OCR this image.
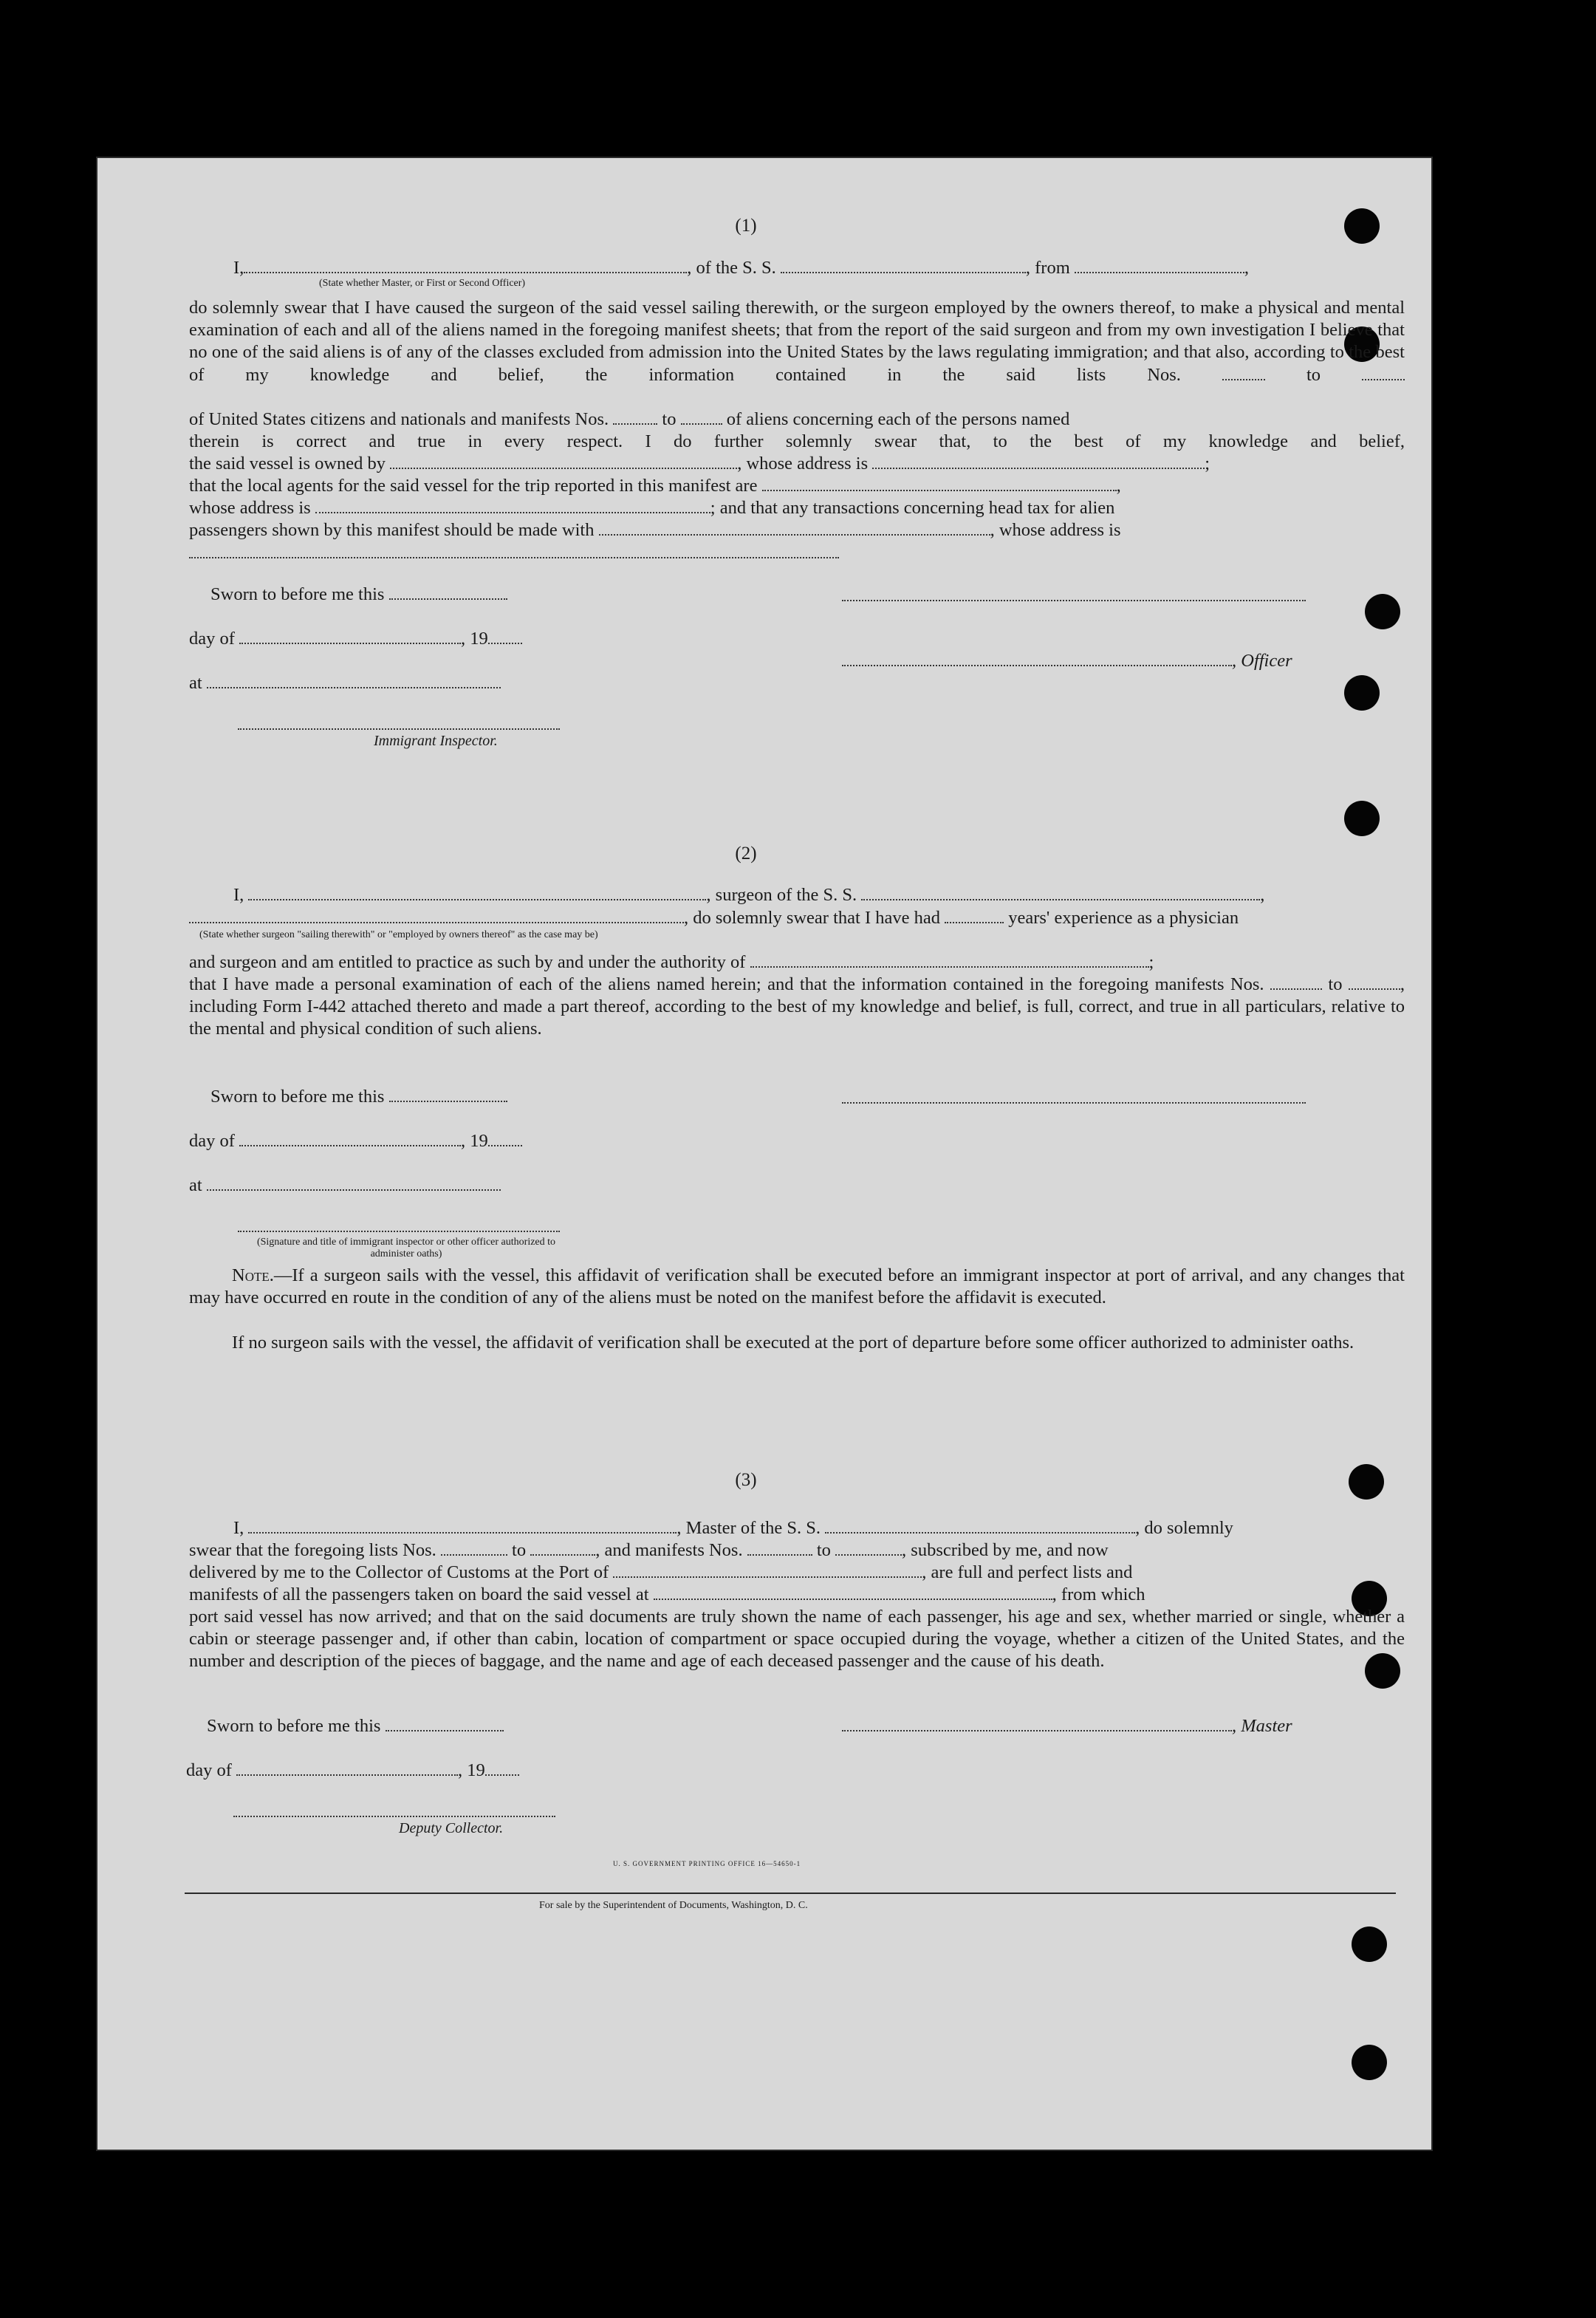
(1)
I,	, of the S. S.	, from	,
(State whether Master, or First or Second Officer)
do solemnly swear that I have caused the surgeon of the said vessel sailing therewith, or the surgeon employed by the owners thereof, to make a physical and mental examination of each and all of the aliens named in the foregoing manifest sheets; that from the report of the said surgeon and from my own investigation I believe that no one of the said aliens is of any of the classes excluded from admission into the United States by the laws regulating immigration; and that also, according to the best of my knowledge and belief, the information contained in the said lists Nos.	to
of United States citizens and nationals and manifests Nos.	to	of aliens concerning each of the persons named
therein is correct and true in every respect. I do further solemnly swear that, to the best of my knowledge and belief,
the said vessel is owned by	, whose address is	;
that the local agents for the said vessel for the trip reported in this manifest are	,
whose address is	; and that any transactions concerning head tax for alien
passengers shown by this manifest should be made with	, whose address is
Sworn to before me this
day of	, 19
, Officer
at
Immigrant Inspector.
(2)
I,	, surgeon of the S. S.	,
, do solemnly swear that I have had

	years' experience as a physician
(State whether surgeon "sailing therewith" or "employed by owners thereof" as the case may be)
and surgeon and am entitled to practice as such by and under the authority of	;
that I have made a personal examination of each of the aliens named herein; and that the information contained in the foregoing manifests Nos.	to	, including Form I-442 attached thereto and made a part thereof, according to the best of my knowledge and belief, is full, correct, and true in all particulars, relative to the mental and physical condition of such aliens.
Sworn to before me this
day of	, 19
at
(Signature and title of immigrant inspector or other officer authorized to administer oaths)
Note.—If a surgeon sails with the vessel, this affidavit of verification shall be executed before an immigrant inspector at port of arrival, and any changes that may have occurred en route in the condition of any of the aliens must be noted on the manifest before the affidavit is executed.
If no surgeon sails with the vessel, the affidavit of verification shall be executed at the port of departure before some officer authorized to administer oaths.
(3)
I,	, Master of the S. S.	, do solemnly
swear that the foregoing lists Nos.	to	, and manifests Nos.	to	, subscribed by me, and now
delivered by me to the Collector of Customs at the Port of	, are full and perfect lists and
manifests of all the passengers taken on board the said vessel at	, from which
port said vessel has now arrived; and that on the said documents are truly shown the name of each passenger, his age and sex, whether married or single, whether a cabin or steerage passenger and, if other than cabin, location of compartment or space occupied during the voyage, whether a citizen of the United States, and the number and description of the pieces of baggage, and the name and age of each deceased passenger and the cause of his death.
Sworn to before me this	, Master
day of	, 19
Deputy Collector.
U. S. GOVERNMENT PRINTING OFFICE 16—54650-1
For sale by the Superintendent of Documents, Washington, D. C.
